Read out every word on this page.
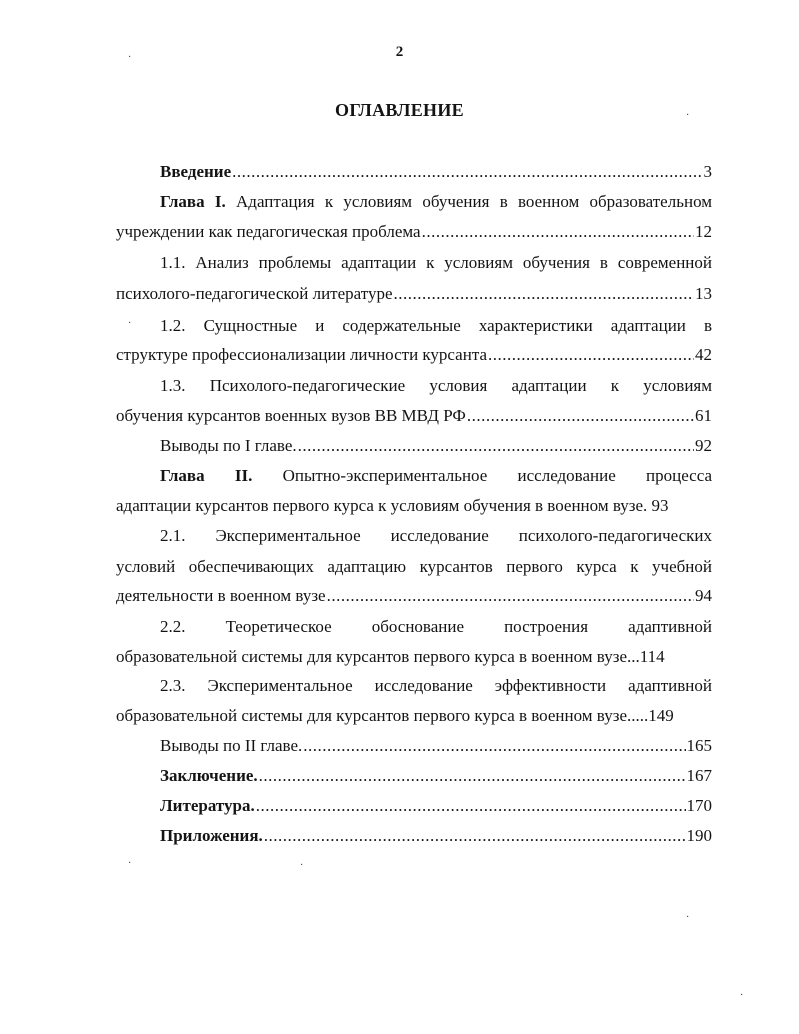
2
ОГЛАВЛЕНИЕ
Введение .....	3
Глава I. Адаптация к условиям обучения в военном образовательном
учреждении как педагогическая проблема .....	12
1.1. Анализ проблемы адаптации к условиям обучения в современной
психолого-педагогической литературе .....	13
1.2. Сущностные и содержательные характеристики адаптации в
структуре профессионализации личности курсанта .....	42
1.3. Психолого-педагогические условия адаптации к условиям
обучения курсантов военных вузов ВВ МВД РФ .....	61
Выводы по I главе. .....	92
Глава II. Опытно-экспериментальное исследование процесса
адаптации курсантов первого курса к условиям обучения в военном вузе. 93
2.1. Экспериментальное исследование психолого-педагогических
условий обеспечивающих адаптацию курсантов первого курса к учебной
деятельности в военном вузе .....	94
2.2. Теоретическое обоснование построения адаптивной
образовательной системы для курсантов первого курса в военном вузе...114
2.3. Экспериментальное исследование эффективности адаптивной
образовательной системы для курсантов первого курса в военном вузе.....149
Выводы по II главе. .....	165
Заключение. .....	167
Литература. .....	170
Приложения. .....	190
·
·
·
·	·
·
·
